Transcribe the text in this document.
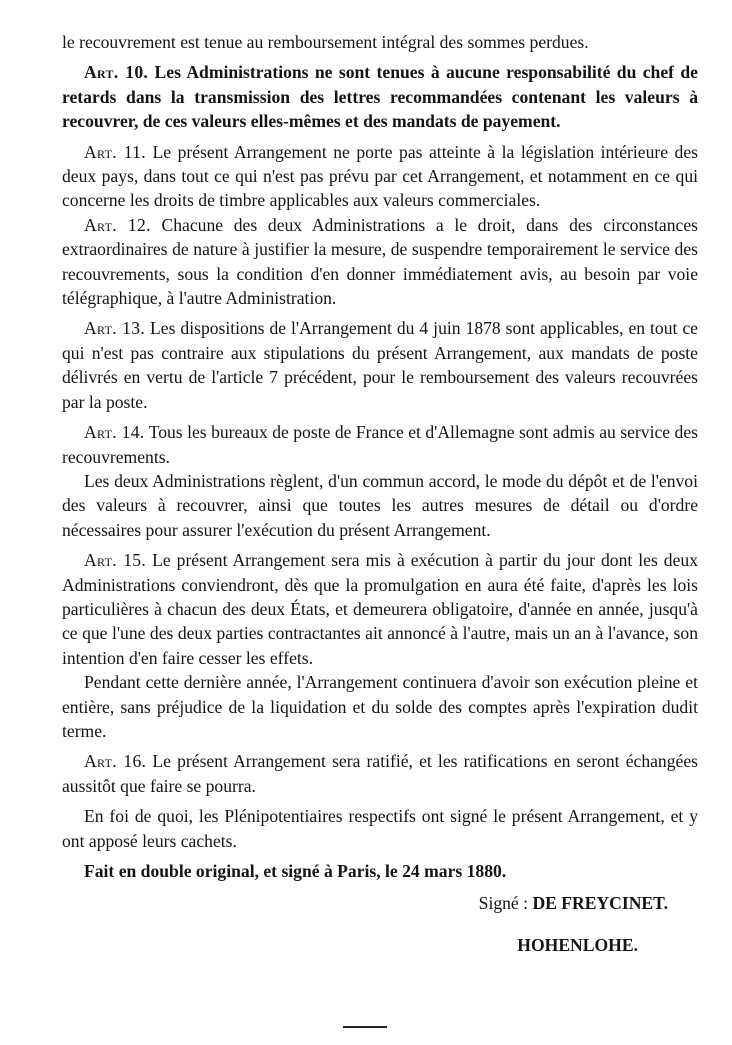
le recouvrement est tenue au remboursement intégral des sommes perdues.

Art. 10. Les Administrations ne sont tenues à aucune responsabilité du chef de retards dans la transmission des lettres recommandées contenant les valeurs à recouvrer, de ces valeurs elles-mêmes et des mandats de payement.

Art. 11. Le présent Arrangement ne porte pas atteinte à la législation intérieure des deux pays, dans tout ce qui n'est pas prévu par cet Arrangement, et notamment en ce qui concerne les droits de timbre applicables aux valeurs commerciales.

Art. 12. Chacune des deux Administrations a le droit, dans des circonstances extraordinaires de nature à justifier la mesure, de suspendre temporairement le service des recouvrements, sous la condition d'en donner immédiatement avis, au besoin par voie télégraphique, à l'autre Administration.

Art. 13. Les dispositions de l'Arrangement du 4 juin 1878 sont applicables, en tout ce qui n'est pas contraire aux stipulations du présent Arrangement, aux mandats de poste délivrés en vertu de l'article 7 précédent, pour le remboursement des valeurs recouvrées par la poste.

Art. 14. Tous les bureaux de poste de France et d'Allemagne sont admis au service des recouvrements.

Les deux Administrations règlent, d'un commun accord, le mode du dépôt et de l'envoi des valeurs à recouvrer, ainsi que toutes les autres mesures de détail ou d'ordre nécessaires pour assurer l'exécution du présent Arrangement.

Art. 15. Le présent Arrangement sera mis à exécution à partir du jour dont les deux Administrations conviendront, dès que la promulgation en aura été faite, d'après les lois particulières à chacun des deux États, et demeurera obligatoire, d'année en année, jusqu'à ce que l'une des deux parties contractantes ait annoncé à l'autre, mais un an à l'avance, son intention d'en faire cesser les effets.

Pendant cette dernière année, l'Arrangement continuera d'avoir son exécution pleine et entière, sans préjudice de la liquidation et du solde des comptes après l'expiration dudit terme.

Art. 16. Le présent Arrangement sera ratifié, et les ratifications en seront échangées aussitôt que faire se pourra.

En foi de quoi, les Plénipotentiaires respectifs ont signé le présent Arrangement, et y ont apposé leurs cachets.

Fait en double original, et signé à Paris, le 24 mars 1880.

Signé : DE FREYCINET.
HOHENLOHE.
